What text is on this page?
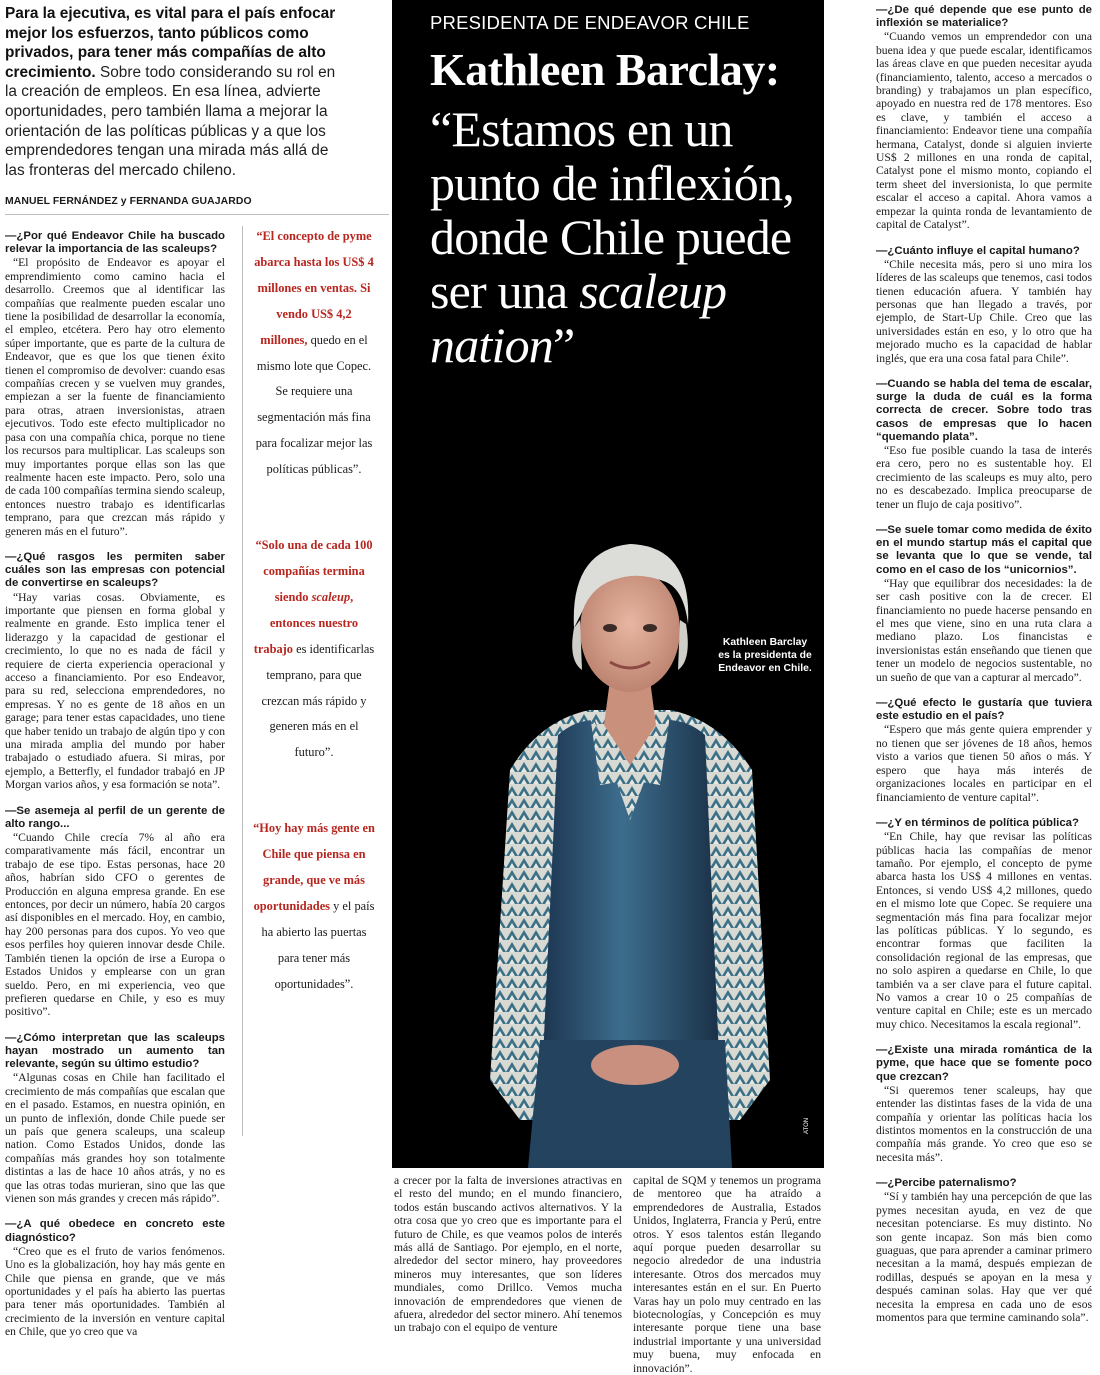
Para la ejecutiva, es vital para el país enfocar mejor los esfuerzos, tanto públicos como privados, para tener más compañías de alto crecimiento. Sobre todo considerando su rol en la creación de empleos. En esa línea, advierte oportunidades, pero también llama a mejorar la orientación de las políticas públicas y a que los emprendedores tengan una mirada más allá de las fronteras del mercado chileno.
MANUEL FERNÁNDEZ y FERNANDA GUAJARDO
—¿Por qué Endeavor Chile ha buscado relevar la importancia de las scaleups?

“El propósito de Endeavor es apoyar el emprendimiento como camino hacia el desarrollo. Creemos que al identificar las compañías que realmente pueden escalar uno tiene la posibilidad de desarrollar la economía, el empleo, etcétera. Pero hay otro elemento súper importante, que es parte de la cultura de Endeavor, que es que los que tienen éxito tienen el compromiso de devolver: cuando esas compañías crecen y se vuelven muy grandes, empiezan a ser la fuente de financiamiento para otras, atraen inversionistas, atraen ejecutivos. Todo este efecto multiplicador no pasa con una compañía chica, porque no tiene los recursos para multiplicar. Las scaleups son muy importantes porque ellas son las que realmente hacen este impacto. Pero, solo una de cada 100 compañías termina siendo scaleup, entonces nuestro trabajo es identificarlas temprano, para que crezcan más rápido y generen más en el futuro”.

—¿Qué rasgos les permiten saber cuáles son las empresas con potencial de convertirse en scaleups?

“Hay varias cosas. Obviamente, es importante que piensen en forma global y realmente en grande. Esto implica tener el liderazgo y la capacidad de gestionar el crecimiento, lo que no es nada de fácil y requiere de cierta experiencia operacional y acceso a financiamiento. Por eso Endeavor, para su red, selecciona emprendedores, no empresas. Y no es gente de 18 años en un garage; para tener estas capacidades, uno tiene que haber tenido un trabajo de algún tipo y con una mirada amplia del mundo por haber trabajado o estudiado afuera. Si miras, por ejemplo, a Betterfly, el fundador trabajó en JP Morgan varios años, y esa formación se nota”.

—Se asemeja al perfil de un gerente de alto rango...

“Cuando Chile crecía 7% al año era comparativamente más fácil, encontrar un trabajo de ese tipo. Estas personas, hace 20 años, habrían sido CFO o gerentes de Producción en alguna empresa grande. En ese entonces, por decir un número, había 20 cargos así disponibles en el mercado. Hoy, en cambio, hay 200 personas para dos cupos. Yo veo que esos perfiles hoy quieren innovar desde Chile. También tienen la opción de irse a Europa o Estados Unidos y emplearse con un gran sueldo. Pero, en mi experiencia, veo que prefieren quedarse en Chile, y eso es muy positivo”.

—¿Cómo interpretan que las scaleups hayan mostrado un aumento tan relevante, según su último estudio?

“Algunas cosas en Chile han facilitado el crecimiento de más compañías que escalan que en el pasado. Estamos, en nuestra opinión, en un punto de inflexión, donde Chile puede ser un país que genera scaleups, una scaleup nation. Como Estados Unidos, donde las compañías más grandes hoy son totalmente distintas a las de hace 10 años atrás, y no es que las otras todas murieran, sino que las que vienen son más grandes y crecen más rápido”.

—¿A qué obedece en concreto este diagnóstico?

“Creo que es el fruto de varios fenómenos. Uno es la globalización, hoy hay más gente en Chile que piensa en grande, que ve más oportunidades y el país ha abierto las puertas para tener más oportunidades. También al crecimiento de la inversión en venture capital en Chile, que yo creo que va

“El concepto de pyme abarca hasta los US$ 4 millones en ventas. Si vendo US$ 4,2 millones, quedo en el mismo lote que Copec. Se requiere una segmentación más fina para focalizar mejor las políticas públicas”.
“Solo una de cada 100 compañías termina siendo scaleup, entonces nuestro trabajo es identificarlas temprano, para que crezcan más rápido y generen más en el futuro”.
“Hoy hay más gente en Chile que piensa en grande, que ve más oportunidades y el país ha abierto las puertas para tener más oportunidades”.
PRESIDENTA DE ENDEAVOR CHILE
Kathleen Barclay:
“Estamos en un punto de inflexión, donde Chile puede ser una scaleup nation”
Kathleen Barclay es la presidenta de Endeavor en Chile.
ATON

a crecer por la falta de inversiones atractivas en el resto del mundo; en el mundo financiero, todos están buscando activos alternativos. Y la otra cosa que yo creo que es importante para el futuro de Chile, es que veamos polos de interés más allá de Santiago. Por ejemplo, en el norte, alrededor del sector minero, hay proveedores mineros muy interesantes, que son líderes mundiales, como Drillco. Vemos mucha innovación de emprendedores que vienen de afuera, alrededor del sector minero. Ahí tenemos un trabajo con el equipo de venture

capital de SQM y tenemos un programa de mentoreo que ha atraído a emprendedores de Australia, Estados Unidos, Inglaterra, Francia y Perú, entre otros. Y esos talentos están llegando aquí porque pueden desarrollar su negocio alrededor de una industria interesante. Otros dos mercados muy interesantes están en el sur. En Puerto Varas hay un polo muy centrado en las biotecnologías, y Concepción es muy interesante porque tiene una base industrial importante y una universidad muy buena, muy enfocada en innovación”.

—¿De qué depende que ese punto de inflexión se materialice?

“Cuando vemos un emprendedor con una buena idea y que puede escalar, identificamos las áreas clave en que pueden necesitar ayuda (financiamiento, talento, acceso a mercados o branding) y trabajamos un plan específico, apoyado en nuestra red de 178 mentores. Eso es clave, y también el acceso a financiamiento: Endeavor tiene una compañía hermana, Catalyst, donde si alguien invierte US$ 2 millones en una ronda de capital, Catalyst pone el mismo monto, copiando el term sheet del inversionista, lo que permite escalar el acceso a capital. Ahora vamos a empezar la quinta ronda de levantamiento de capital de Catalyst”.

—¿Cuánto influye el capital humano?

“Chile necesita más, pero si uno mira los líderes de las scaleups que tenemos, casi todos tienen educación afuera. Y también hay personas que han llegado a través, por ejemplo, de Start-Up Chile. Creo que las universidades están en eso, y lo otro que ha mejorado mucho es la capacidad de hablar inglés, que era una cosa fatal para Chile”.

—Cuando se habla del tema de escalar, surge la duda de cuál es la forma correcta de crecer. Sobre todo tras casos de empresas que lo hacen “quemando plata”.

“Eso fue posible cuando la tasa de interés era cero, pero no es sustentable hoy. El crecimiento de las scaleups es muy alto, pero no es descabezado. Implica preocuparse de tener un flujo de caja positivo”.

—Se suele tomar como medida de éxito en el mundo startup más el capital que se levanta que lo que se vende, tal como en el caso de los “unicornios”.

“Hay que equilibrar dos necesidades: la de ser cash positive con la de crecer. El financiamiento no puede hacerse pensando en el mes que viene, sino en una ruta clara a mediano plazo. Los financistas e inversionistas están enseñando que tienen que tener un modelo de negocios sustentable, no un sueño de que van a capturar al mercado”.

—¿Qué efecto le gustaría que tuviera este estudio en el país?

“Espero que más gente quiera emprender y no tienen que ser jóvenes de 18 años, hemos visto a varios que tienen 50 años o más. Y espero que haya más interés de organizaciones locales en participar en el financiamiento de venture capital”.

—¿Y en términos de política pública?

“En Chile, hay que revisar las políticas públicas hacia las compañías de menor tamaño. Por ejemplo, el concepto de pyme abarca hasta los US$ 4 millones en ventas. Entonces, si vendo US$ 4,2 millones, quedo en el mismo lote que Copec. Se requiere una segmentación más fina para focalizar mejor las políticas públicas. Y lo segundo, es encontrar formas que faciliten la consolidación regional de las empresas, que no solo aspiren a quedarse en Chile, lo que también va a ser clave para el future capital. No vamos a crear 10 o 25 compañías de venture capital en Chile; este es un mercado muy chico. Necesitamos la escala regional”.

—¿Existe una mirada romántica de la pyme, que hace que se fomente poco que crezcan?

“Si queremos tener scaleups, hay que entender las distintas fases de la vida de una compañía y orientar las políticas hacia los distintos momentos en la construcción de una compañía más grande. Yo creo que eso se necesita más”.

—¿Percibe paternalismo?

“Sí y también hay una percepción de que las pymes necesitan ayuda, en vez de que necesitan potenciarse. Es muy distinto. No son gente incapaz. Son más bien como guaguas, que para aprender a caminar primero necesitan a la mamá, después empiezan de rodillas, después se apoyan en la mesa y después caminan solas. Hay que ver qué necesita la empresa en cada uno de esos momentos para que termine caminando sola”.
